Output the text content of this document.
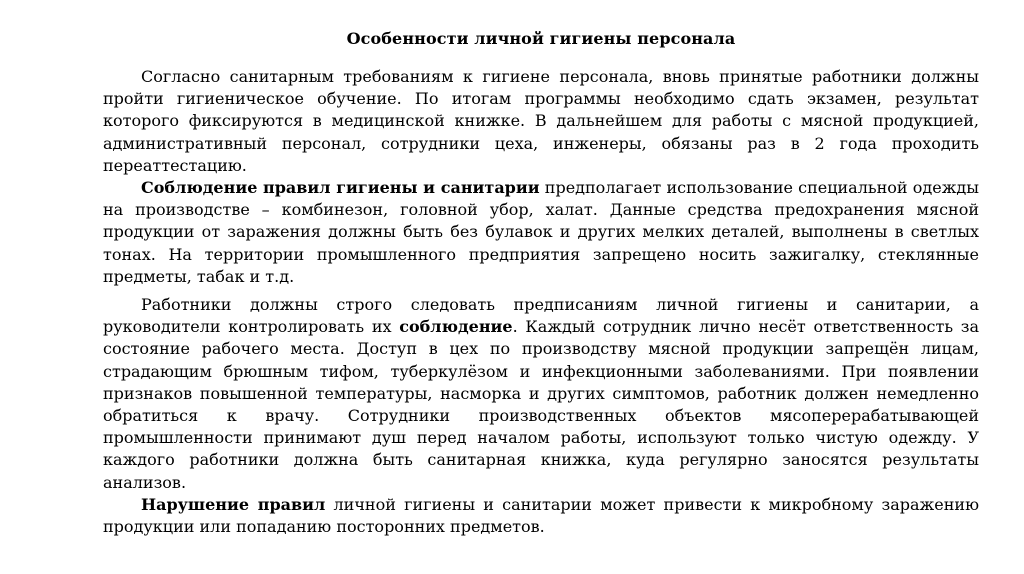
Особенности личной гигиены персонала

Согласно санитарным требованиям к гигиене персонала, вновь принятые работники должны пройти гигиеническое обучение. По итогам программы необходимо сдать экзамен, результат которого фиксируются в медицинской книжке. В дальнейшем для работы с мясной продукцией, административный персонал, сотрудники цеха, инженеры, обязаны раз в 2 года проходить переаттестацию.

Соблюдение правил гигиены и санитарии предполагает использование специальной одежды на производстве – комбинезон, головной убор, халат. Данные средства предохранения мясной продукции от заражения должны быть без булавок и других мелких деталей, выполнены в светлых тонах. На территории промышленного предприятия запрещено носить зажигалку, стеклянные предметы, табак и т.д.

Работники должны строго следовать предписаниям личной гигиены и санитарии, а руководители контролировать их соблюдение. Каждый сотрудник лично несёт ответственность за состояние рабочего места. Доступ в цех по производству мясной продукции запрещён лицам, страдающим брюшным тифом, туберкулёзом и инфекционными заболеваниями. При появлении признаков повышенной температуры, насморка и других симптомов, работник должен немедленно обратиться к врачу. Сотрудники производственных объектов мясоперерабатывающей промышленности принимают душ перед началом работы, используют только чистую одежду. У каждого работники должна быть санитарная книжка, куда регулярно заносятся результаты анализов.

Нарушение правил личной гигиены и санитарии может привести к микробному заражению продукции или попаданию посторонних предметов.
